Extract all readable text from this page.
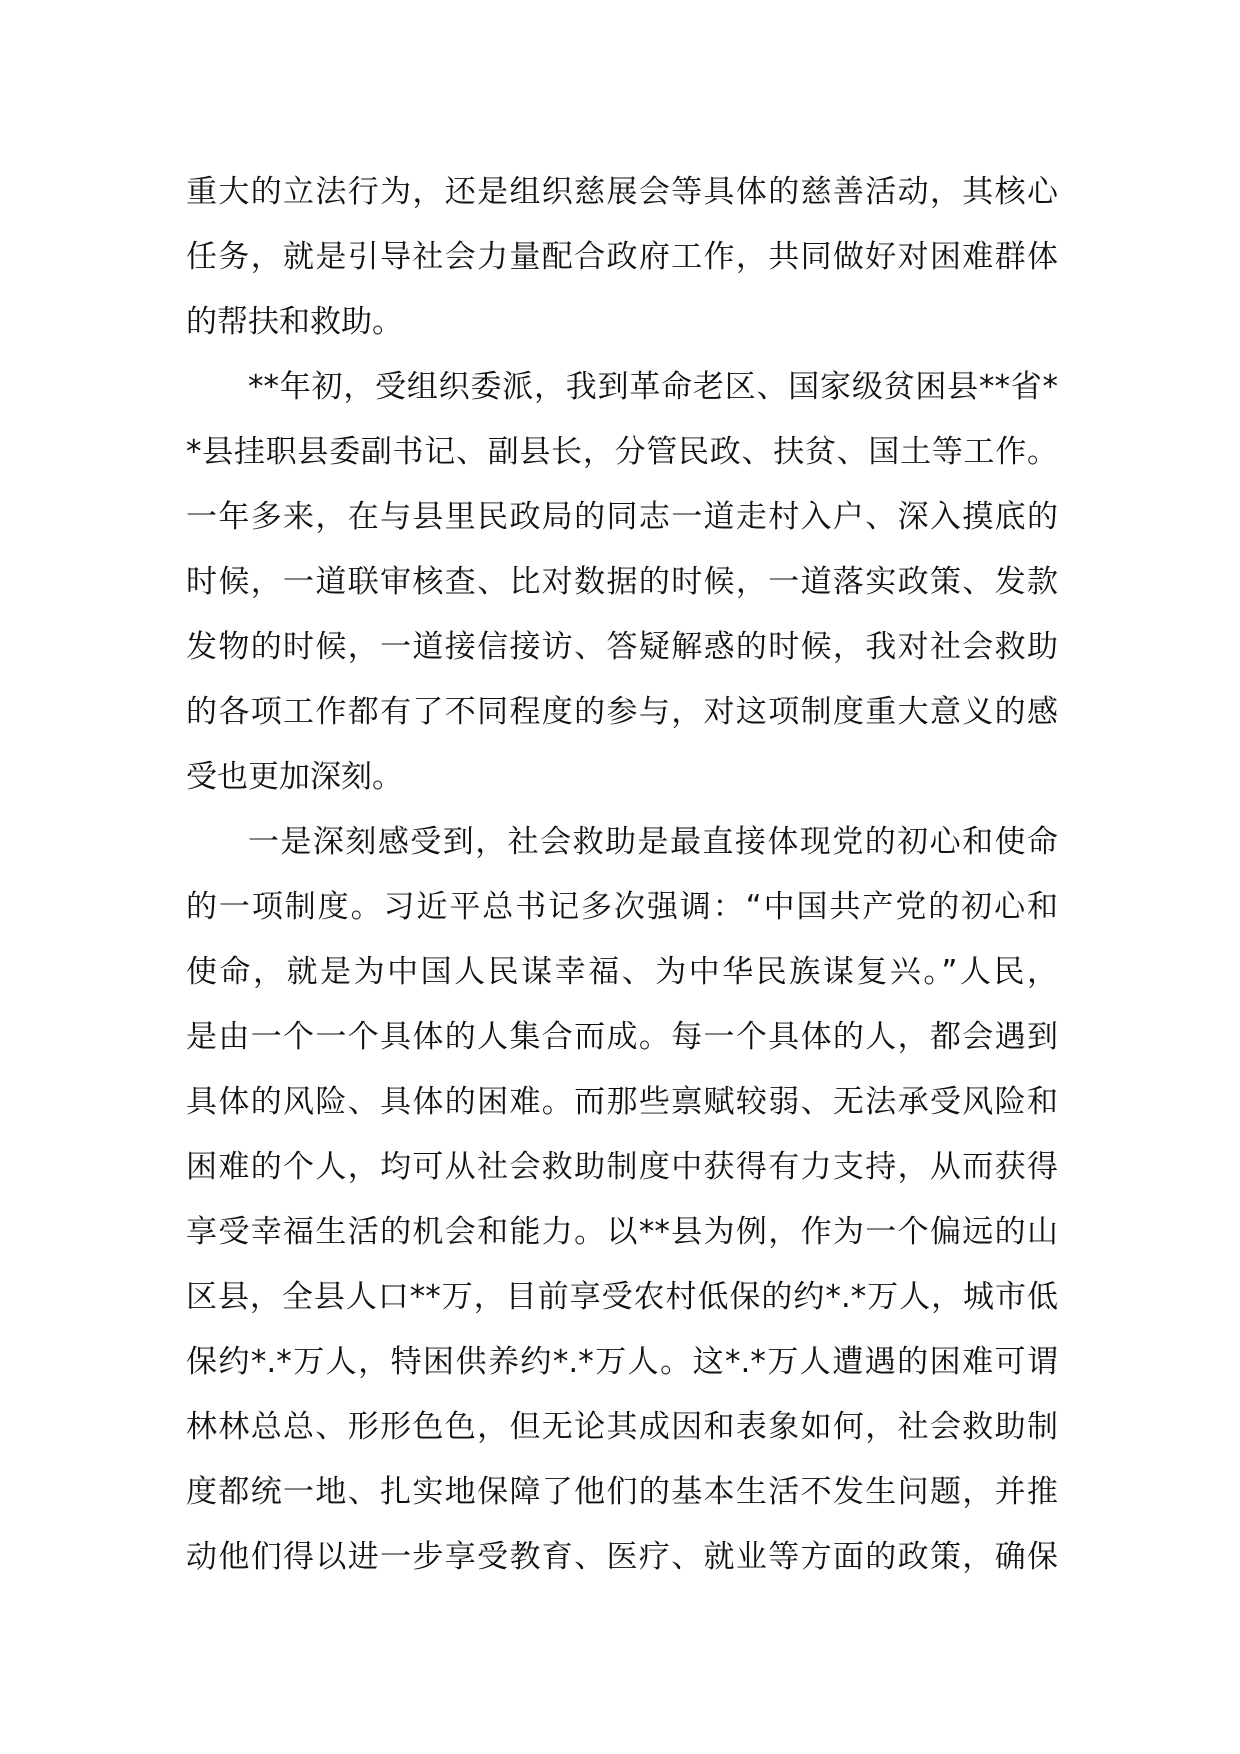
重大的立法行为，还是组织慈展会等具体的慈善活动，其核心
任务，就是引导社会力量配合政府工作，共同做好对困难群体
的帮扶和救助。
**年初，受组织委派，我到革命老区、国家级贫困县**省*
*县挂职县委副书记、副县长，分管民政、扶贫、国土等工作。
一年多来，在与县里民政局的同志一道走村入户、深入摸底的
时候，一道联审核查、比对数据的时候，一道落实政策、发款
发物的时候，一道接信接访、答疑解惑的时候，我对社会救助
的各项工作都有了不同程度的参与，对这项制度重大意义的感
受也更加深刻。
一是深刻感受到，社会救助是最直接体现党的初心和使命
的一项制度。习近平总书记多次强调：“中国共产党的初心和
使命，就是为中国人民谋幸福、为中华民族谋复兴。”人民，
是由一个一个具体的人集合而成。每一个具体的人，都会遇到
具体的风险、具体的困难。而那些禀赋较弱、无法承受风险和
困难的个人，均可从社会救助制度中获得有力支持，从而获得
享受幸福生活的机会和能力。以**县为例，作为一个偏远的山
区县，全县人口**万，目前享受农村低保的约*.*万人，城市低
保约*.*万人，特困供养约*.*万人。这*.*万人遭遇的困难可谓
林林总总、形形色色，但无论其成因和表象如何，社会救助制
度都统一地、扎实地保障了他们的基本生活不发生问题，并推
动他们得以进一步享受教育、医疗、就业等方面的政策，确保
